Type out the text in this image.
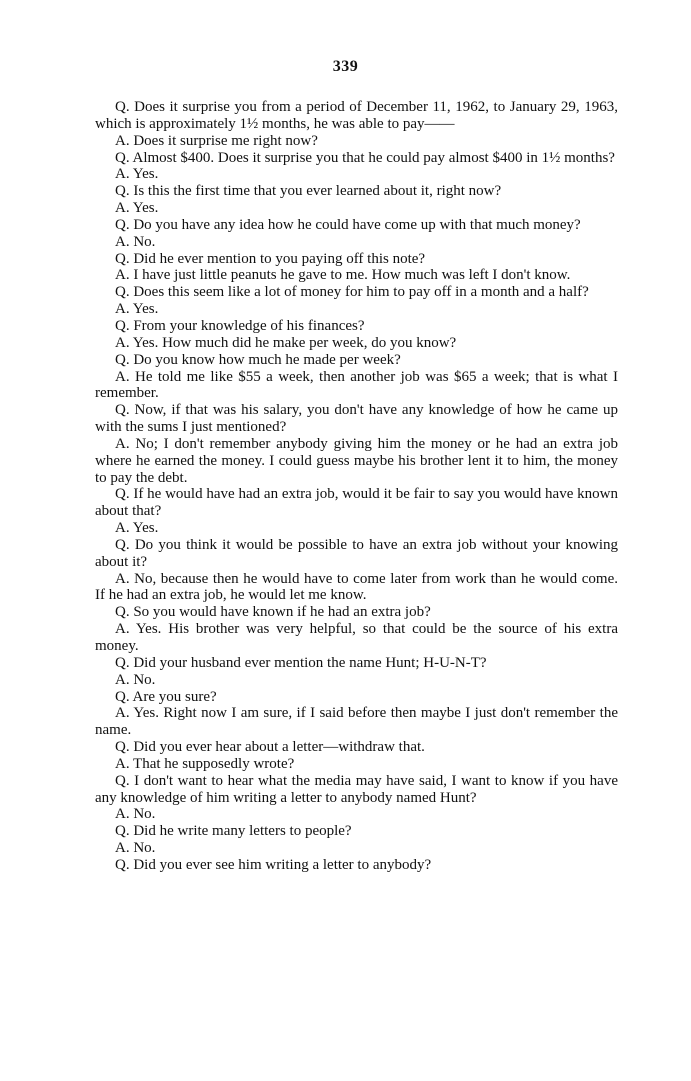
339

Q. Does it surprise you from a period of December 11, 1962, to January 29, 1963, which is approximately 1½ months, he was able to pay——

A. Does it surprise me right now?

Q. Almost $400. Does it surprise you that he could pay almost $400 in 1½ months?

A. Yes.

Q. Is this the first time that you ever learned about it, right now?

A. Yes.

Q. Do you have any idea how he could have come up with that much money?

A. No.

Q. Did he ever mention to you paying off this note?

A. I have just little peanuts he gave to me. How much was left I don't know.

Q. Does this seem like a lot of money for him to pay off in a month and a half?

A. Yes.

Q. From your knowledge of his finances?

A. Yes. How much did he make per week, do you know?

Q. Do you know how much he made per week?

A. He told me like $55 a week, then another job was $65 a week; that is what I remember.

Q. Now, if that was his salary, you don't have any knowledge of how he came up with the sums I just mentioned?

A. No; I don't remember anybody giving him the money or he had an extra job where he earned the money. I could guess maybe his brother lent it to him, the money to pay the debt.

Q. If he would have had an extra job, would it be fair to say you would have known about that?

A. Yes.

Q. Do you think it would be possible to have an extra job without your knowing about it?

A. No, because then he would have to come later from work than he would come. If he had an extra job, he would let me know.

Q. So you would have known if he had an extra job?

A. Yes. His brother was very helpful, so that could be the source of his extra money.

Q. Did your husband ever mention the name Hunt; H-U-N-T?

A. No.

Q. Are you sure?

A. Yes. Right now I am sure, if I said before then maybe I just don't remember the name.

Q. Did you ever hear about a letter—withdraw that.

A. That he supposedly wrote?

Q. I don't want to hear what the media may have said, I want to know if you have any knowledge of him writing a letter to anybody named Hunt?

A. No.

Q. Did he write many letters to people?

A. No.

Q. Did you ever see him writing a letter to anybody?
